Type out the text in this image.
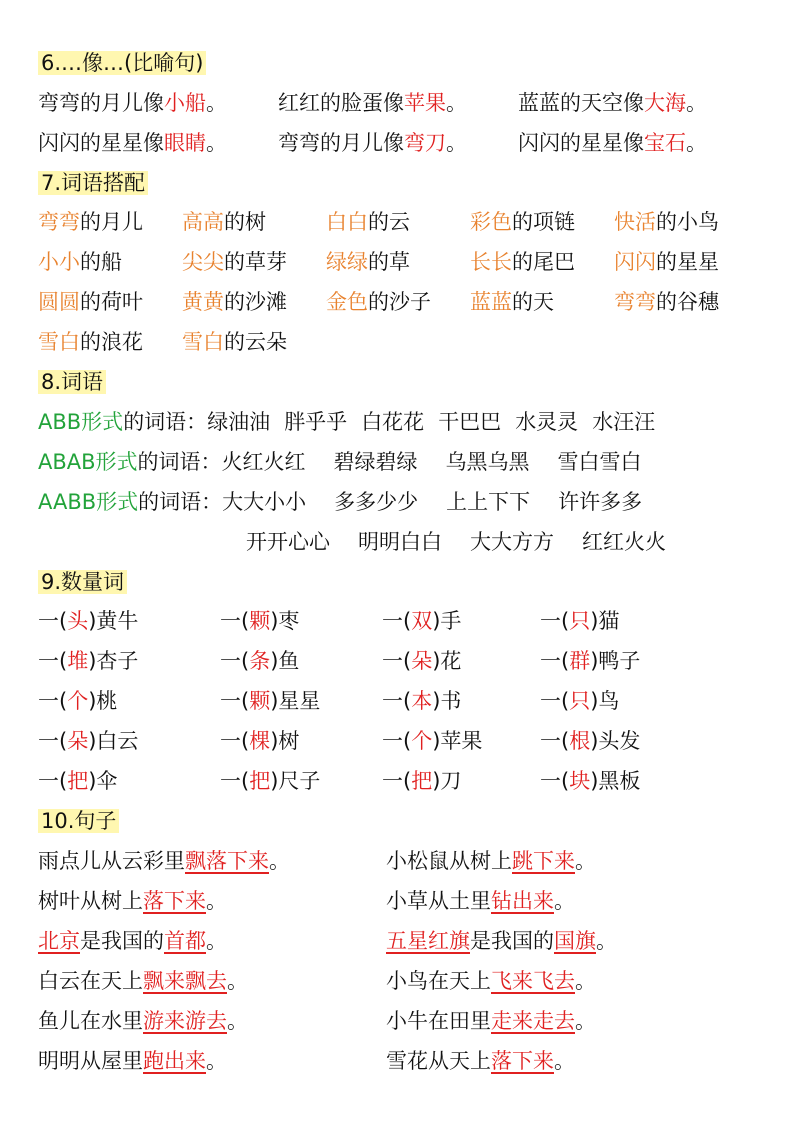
6.…像…(比喻句)
弯弯的月儿像小船。 红红的脸蛋像苹果。 蓝蓝的天空像大海。
闪闪的星星像眼睛。 弯弯的月儿像弯刀。 闪闪的星星像宝石。
7.词语搭配
弯弯的月儿 高高的树	白白的云	彩色的项链 快活的小鸟
小小的船	尖尖的草芽 绿绿的草	长长的尾巴 闪闪的星星
圆圆的荷叶 黄黄的沙滩 金色的沙子 蓝蓝的天	弯弯的谷穗
雪白的浪花 雪白的云朵
8.词语
ABB形式的词语：绿油油 胖乎乎 白花花 干巴巴 水灵灵 水汪汪
ABAB形式的词语：火红火红 碧绿碧绿 乌黑乌黑 雪白雪白
AABB形式的词语：大大小小 多多少少 上上下下 许许多多
开开心心 明明白白 大大方方 红红火火
9.数量词
一(头)黄牛	一(颗)枣	一(双)手	一(只)猫
一(堆)杏子	一(条)鱼	一(朵)花	一(群)鸭子
一(个)桃	一(颗)星星	一(本)书	一(只)鸟
一(朵)白云	一(棵)树	一(个)苹果	一(根)头发
一(把)伞	一(把)尺子	一(把)刀	一(块)黑板
10.句子
雨点儿从云彩里飘落下来。	小松鼠从树上跳下来。
树叶从树上落下来。	小草从土里钻出来。
北京是我国的首都。	五星红旗是我国的国旗。
白云在天上飘来飘去。	小鸟在天上飞来飞去。
鱼儿在水里游来游去。	小牛在田里走来走去。
明明从屋里跑出来。	雪花从天上落下来。
